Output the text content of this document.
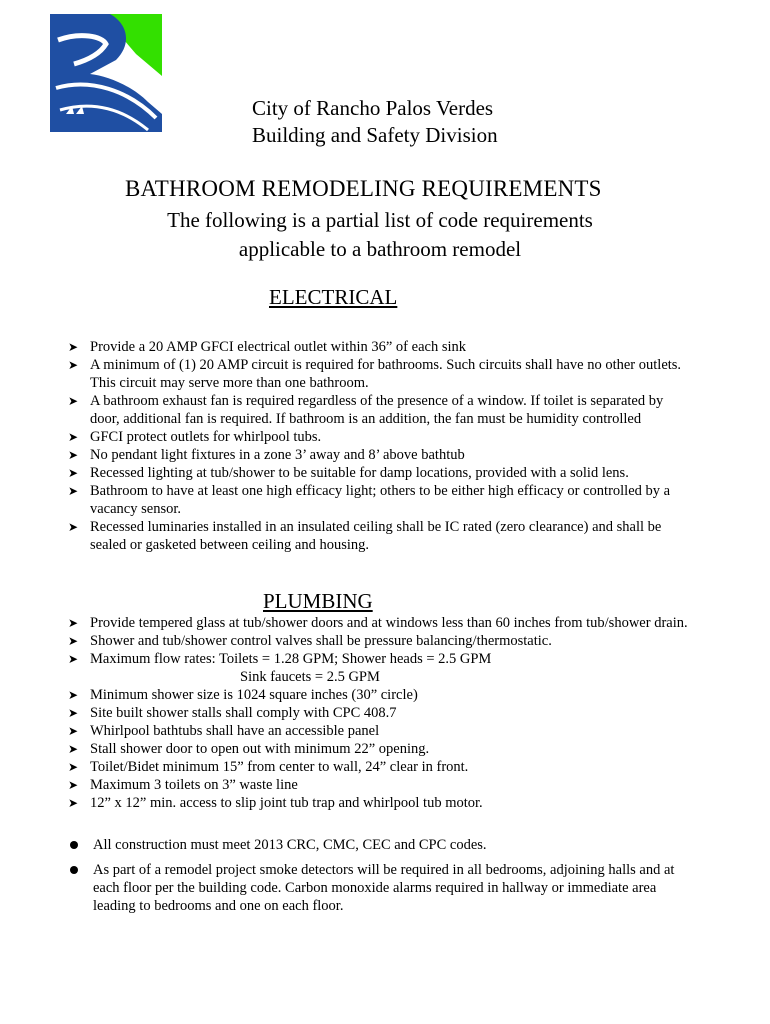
City of Rancho Palos Verdes
Building and Safety Division
BATHROOM REMODELING REQUIREMENTS
The following is a partial list of code requirements
applicable to a bathroom remodel
ELECTRICAL
➤ Provide a 20 AMP GFCI electrical outlet within 36” of each sink
➤ A minimum of (1) 20 AMP circuit is required for bathrooms. Such circuits shall have no other outlets. This circuit may serve more than one bathroom.
➤ A bathroom exhaust fan is required regardless of the presence of a window. If toilet is separated by door, additional fan is required. If bathroom is an addition, the fan must be humidity controlled
➤ GFCI protect outlets for whirlpool tubs.
➤ No pendant light fixtures in a zone 3’ away and 8’ above bathtub
➤ Recessed lighting at tub/shower to be suitable for damp locations, provided with a solid lens.
➤ Bathroom to have at least one high efficacy light; others to be either high efficacy or controlled by a vacancy sensor.
➤ Recessed luminaries installed in an insulated ceiling shall be IC rated (zero clearance) and shall be sealed or gasketed between ceiling and housing.
PLUMBING
➤ Provide tempered glass at tub/shower doors and at windows less than 60 inches from tub/shower drain.
➤ Shower and tub/shower control valves shall be pressure balancing/thermostatic.
➤ Maximum flow rates: Toilets = 1.28 GPM; Shower heads = 2.5 GPM
Sink faucets = 2.5 GPM
➤ Minimum shower size is 1024 square inches (30” circle)
➤ Site built shower stalls shall comply with CPC 408.7
➤ Whirlpool bathtubs shall have an accessible panel
➤ Stall shower door to open out with minimum 22” opening.
➤ Toilet/Bidet minimum 15” from center to wall, 24” clear in front.
➤ Maximum 3 toilets on 3” waste line
➤ 12” x 12” min. access to slip joint tub trap and whirlpool tub motor.
All construction must meet 2013 CRC, CMC, CEC and CPC codes.
As part of a remodel project smoke detectors will be required in all bedrooms, adjoining halls and at each floor per the building code. Carbon monoxide alarms required in hallway or immediate area leading to bedrooms and one on each floor.
